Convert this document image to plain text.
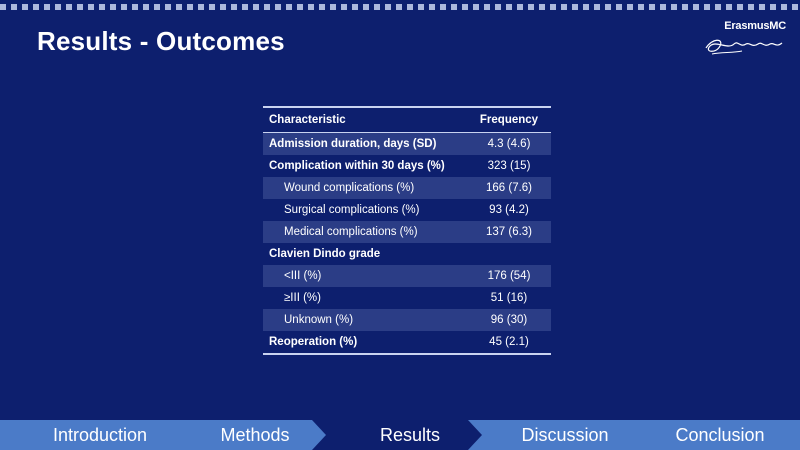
Results - Outcomes	ErasmusMC
Characteristic	Frequency
Admission duration, days (SD)	4.3 (4.6)
Complication within 30 days (%)	323 (15)
Wound complications (%)	166 (7.6)
Surgical complications (%)	93 (4.2)
Medical complications (%)	137 (6.3)
Clavien Dindo grade
<III (%)	176 (54)
≥III (%)	51 (16)
Unknown (%)	96 (30)
Reoperation (%)	45 (2.1)
Introduction	Methods	Results	Discussion	Conclusion
